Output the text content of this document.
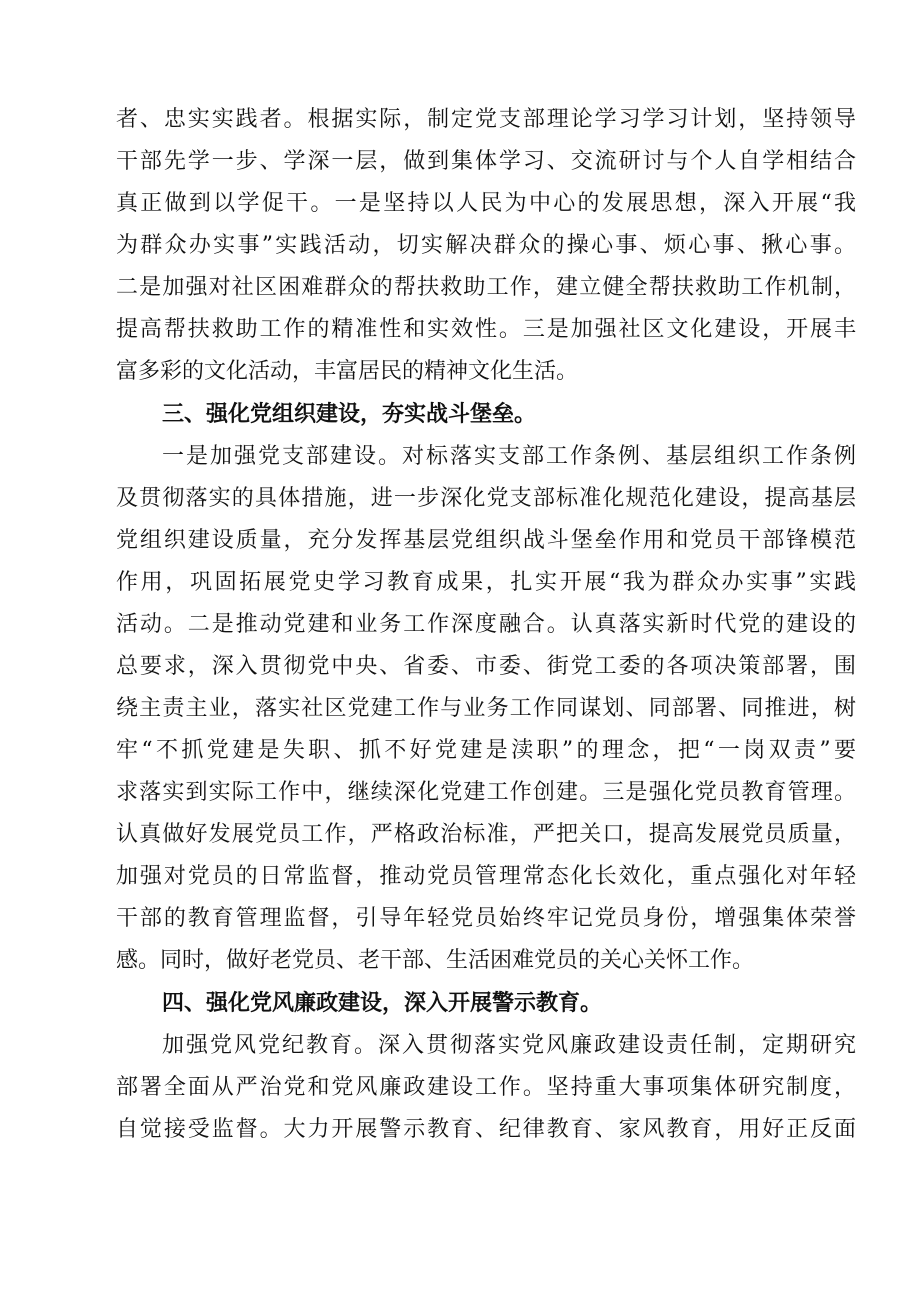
者、忠实实践者。根据实际，制定党支部理论学习学习计划，坚持领导
干部先学一步、学深一层，做到集体学习、交流研讨与个人自学相结合
真正做到以学促干。一是坚持以人民为中心的发展思想，深入开展“我
为群众办实事”实践活动，切实解决群众的操心事、烦心事、揪心事。
二是加强对社区困难群众的帮扶救助工作，建立健全帮扶救助工作机制，
提高帮扶救助工作的精准性和实效性。三是加强社区文化建设，开展丰
富多彩的文化活动，丰富居民的精神文化生活。
三、强化党组织建设，夯实战斗堡垒。
一是加强党支部建设。对标落实支部工作条例、基层组织工作条例
及贯彻落实的具体措施，进一步深化党支部标准化规范化建设，提高基层
党组织建设质量，充分发挥基层党组织战斗堡垒作用和党员干部锋模范
作用，巩固拓展党史学习教育成果，扎实开展“我为群众办实事”实践
活动。二是推动党建和业务工作深度融合。认真落实新时代党的建设的
总要求，深入贯彻党中央、省委、市委、街党工委的各项决策部署，围
绕主责主业，落实社区党建工作与业务工作同谋划、同部署、同推进，树
牢“不抓党建是失职、抓不好党建是渎职”的理念，把“一岗双责”要
求落实到实际工作中，继续深化党建工作创建。三是强化党员教育管理。
认真做好发展党员工作，严格政治标准，严把关口，提高发展党员质量，
加强对党员的日常监督，推动党员管理常态化长效化，重点强化对年轻
干部的教育管理监督，引导年轻党员始终牢记党员身份，增强集体荣誉
感。同时，做好老党员、老干部、生活困难党员的关心关怀工作。
四、强化党风廉政建设，深入开展警示教育。
加强党风党纪教育。深入贯彻落实党风廉政建设责任制，定期研究
部署全面从严治党和党风廉政建设工作。坚持重大事项集体研究制度，
自觉接受监督。大力开展警示教育、纪律教育、家风教育，用好正反面
